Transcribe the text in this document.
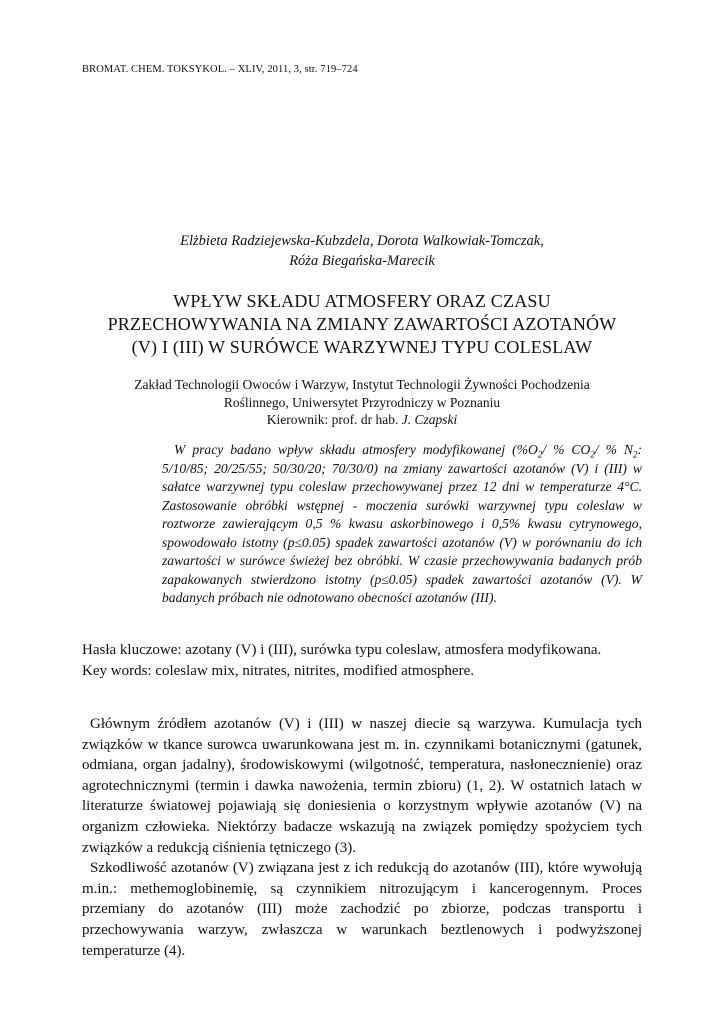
BROMAT. CHEM. TOKSYKOL. – XLIV, 2011, 3, str. 719–724
Elżbieta Radziejewska-Kubzdela, Dorota Walkowiak-Tomczak,
Róża Biegańska-Marecik
WPŁYW SKŁADU ATMOSFERY ORAZ CZASU
PRZECHOWYWANIA NA ZMIANY ZAWARTOŚCI AZOTANÓW
(V) I (III) W SURÓWCE WARZYWNEJ TYPU COLESLAW
Zakład Technologii Owoców i Warzyw, Instytut Technologii Żywności Pochodzenia
Roślinnego, Uniwersytet Przyrodniczy w Poznaniu
Kierownik: prof. dr hab. J. Czapski
W pracy badano wpływ składu atmosfery modyfikowanej ($\%O_2/$ % $CO_2/$ % $N_2$: 5/10/85; 20/25/55; 50/30/20; 70/30/0) na zmiany zawartości azotanów (V) i (III) w sałatce warzywnej typu coleslaw przechowywanej przez 12 dni w temperaturze 4°C. Zastosowanie obróbki wstępnej - moczenia surówki warzywnej typu coleslaw w roztworze zawierającym 0,5 % kwasu askorbinowego i 0,5% kwasu cytrynowego, spowodowało istotny (p≤0.05) spadek zawartości azotanów (V) w porównaniu do ich zawartości w surówce świeżej bez obróbki. W czasie przechowywania badanych prób zapakowanych stwierdzono istotny (p≤0.05) spadek zawartości azotanów (V). W badanych próbach nie odnotowano obecności azotanów (III).

Hasła kluczowe: azotany (V) i (III), surówka typu coleslaw, atmosfera modyfikowana.

Key words: coleslaw mix, nitrates, nitrites, modified atmosphere.

Głównym źródłem azotanów (V) i (III) w naszej diecie są warzywa. Kumulacja tych związków w tkance surowca uwarunkowana jest m. in. czynnikami botanicznymi (gatunek, odmiana, organ jadalny), środowiskowymi (wilgotność, temperatura, nasłonecznienie) oraz agrotechnicznymi (termin i dawka nawożenia, termin zbioru) (1, 2). W ostatnich latach w literaturze światowej pojawiają się doniesienia o korzystnym wpływie azotanów (V) na organizm człowieka. Niektórzy badacze wskazują na związek pomiędzy spożyciem tych związków a redukcją ciśnienia tętniczego (3).

Szkodliwość azotanów (V) związana jest z ich redukcją do azotanów (III), które wywołują m.in.: methemoglobinemię, są czynnikiem nitrozującym i kancerogennym. Proces przemiany do azotanów (III) może zachodzić po zbiorze, podczas transportu i przechowywania warzyw, zwłaszcza w warunkach beztlenowych i podwyższonej temperaturze (4).
